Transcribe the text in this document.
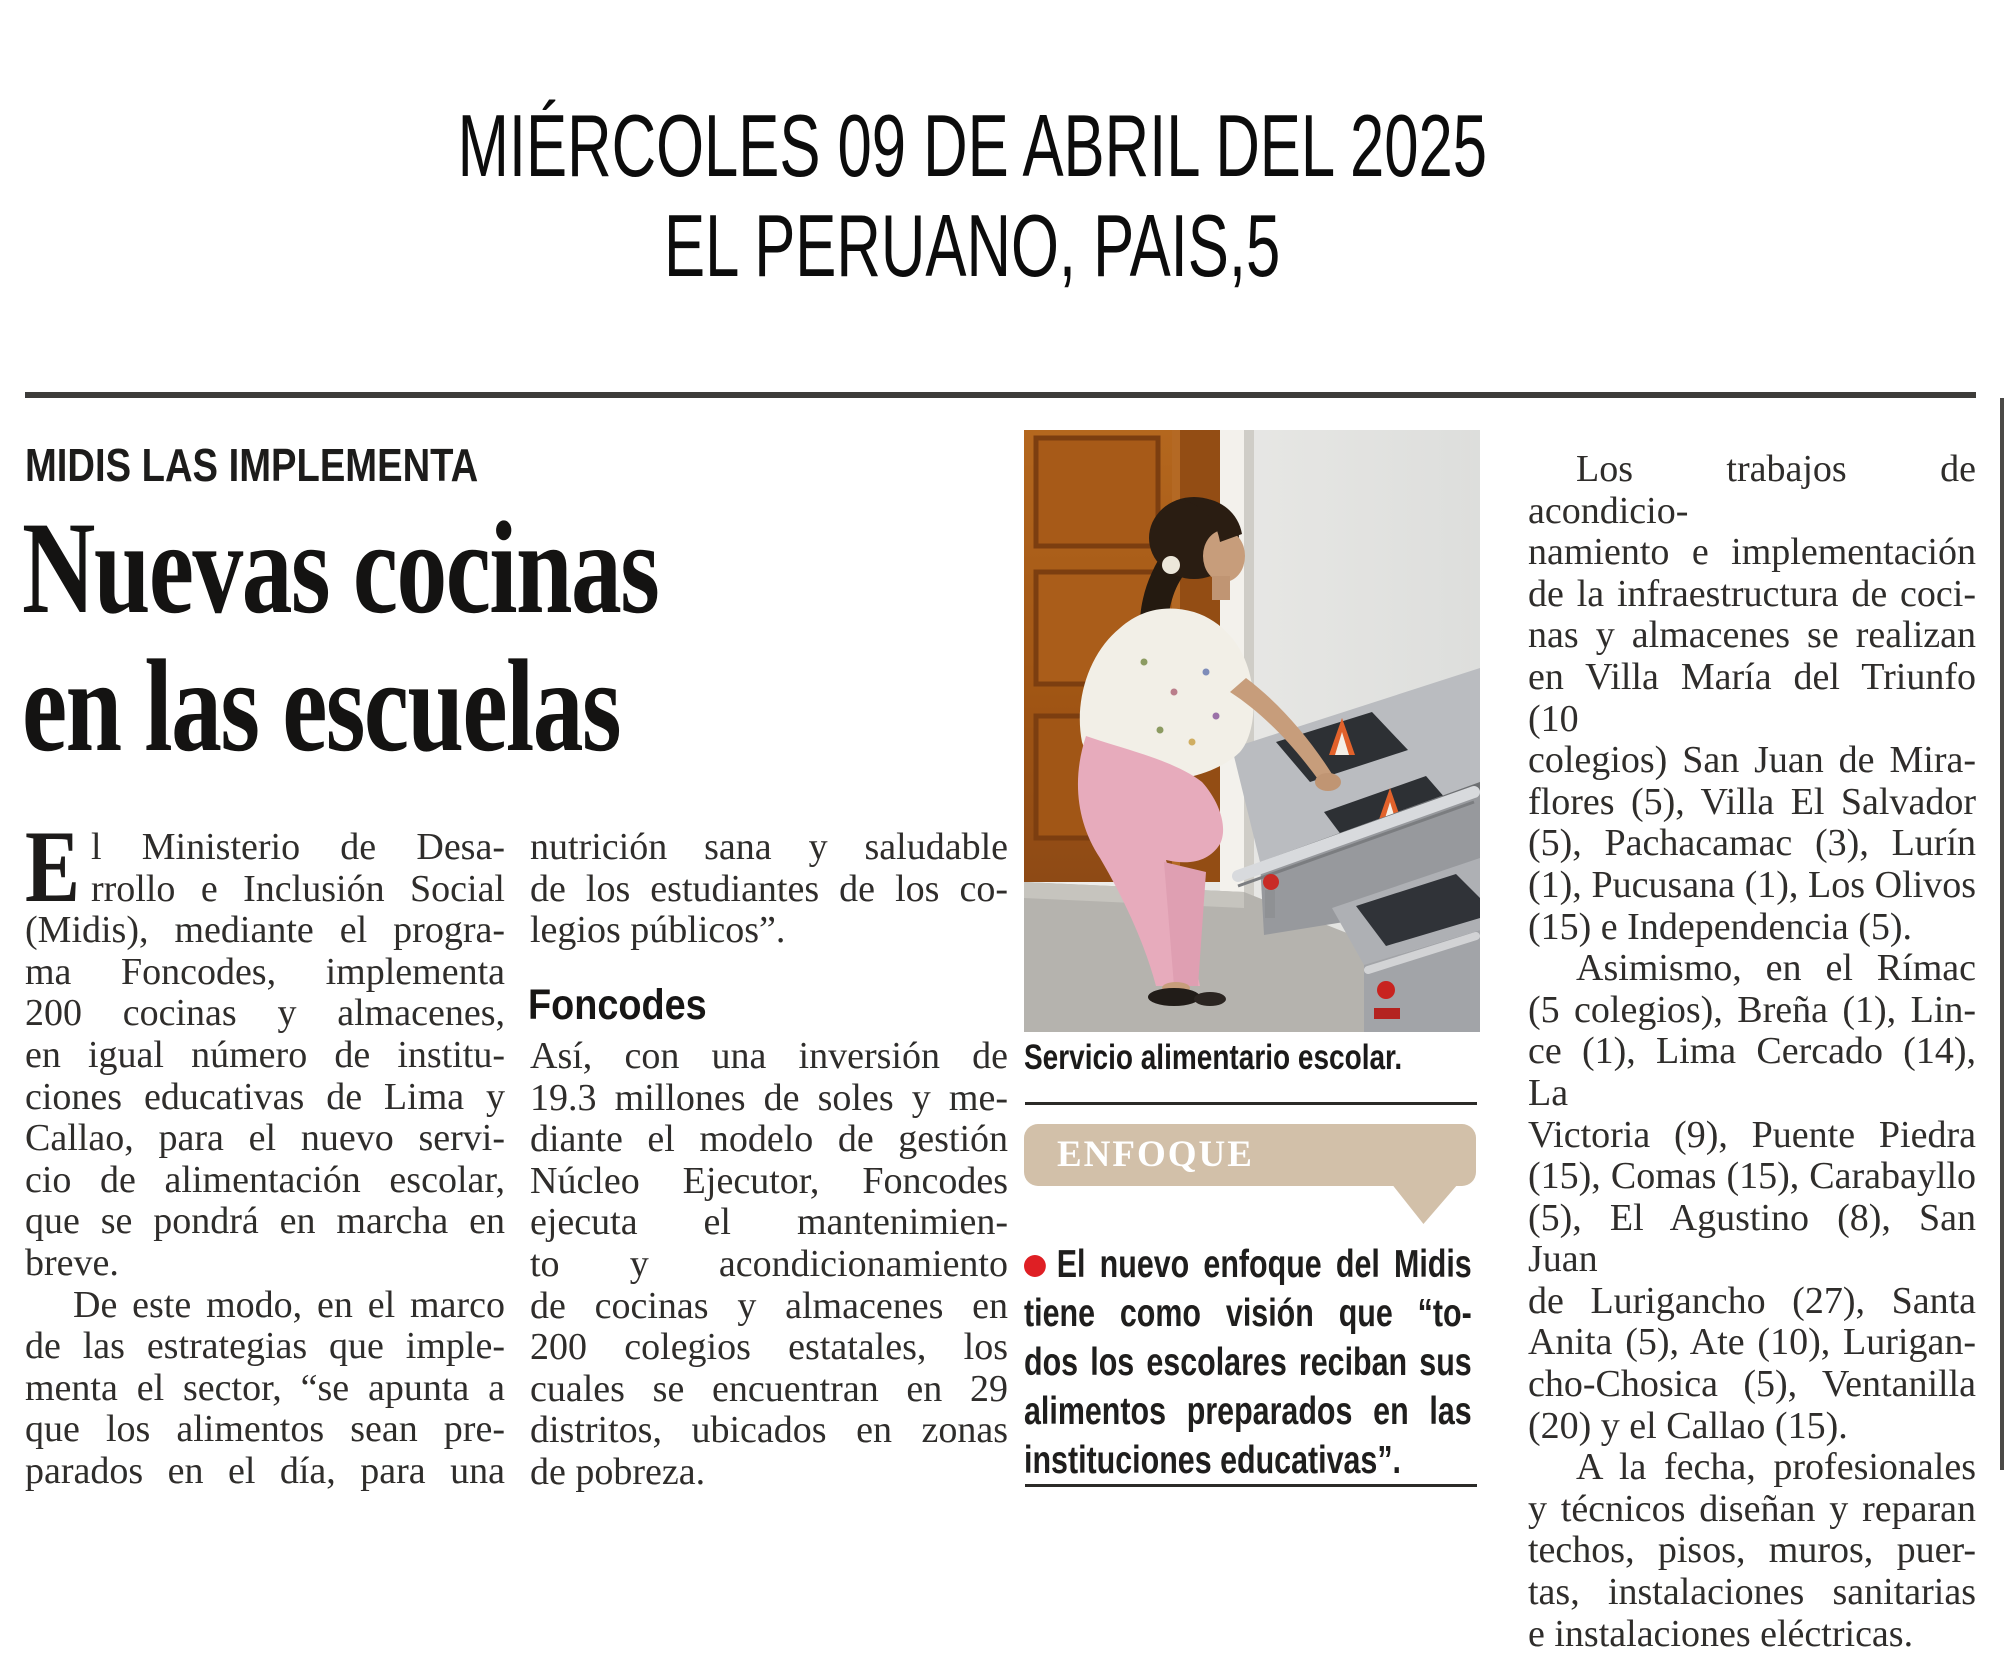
MIÉRCOLES 09 DE ABRIL DEL 2025
EL PERUANO, PAIS,5
MIDIS LAS IMPLEMENTA
Nuevas cocinas
en las escuelas
E l Ministerio de Desa-
rrollo e Inclusión Social
(Midis), mediante el progra-
ma Foncodes, implementa
200 cocinas y almacenes,
en igual número de institu-
ciones educativas de Lima y
Callao, para el nuevo servi-
cio de alimentación escolar,
que se pondrá en marcha en
breve.
De este modo, en el marco
de las estrategias que imple-
menta el sector, “se apunta a
que los alimentos sean pre-
parados en el día, para una
nutrición sana y saludable
de los estudiantes de los co-
legios públicos”.
Foncodes
Así, con una inversión de
19.3 millones de soles y me-
diante el modelo de gestión
Núcleo Ejecutor, Foncodes
ejecuta el mantenimien-
to y acondicionamiento
de cocinas y almacenes en
200 colegios estatales, los
cuales se encuentran en 29
distritos, ubicados en zonas
de pobreza.
Los trabajos de acondicio-
namiento e implementación
de la infraestructura de coci-
nas y almacenes se realizan
en Villa María del Triunfo (10
colegios) San Juan de Mira-
flores (5), Villa El Salvador
(5), Pachacamac (3), Lurín
(1), Pucusana (1), Los Olivos
(15) e Independencia (5).
Asimismo, en el Rímac
(5 colegios), Breña (1), Lin-
ce (1), Lima Cercado (14), La
Victoria (9), Puente Piedra
(15), Comas (15), Carabayllo
(5), El Agustino (8), San Juan
de Lurigancho (27), Santa
Anita (5), Ate (10), Lurigan-
cho-Chosica (5), Ventanilla
(20) y el Callao (15).
A la fecha, profesionales
y técnicos diseñan y reparan
techos, pisos, muros, puer-
tas, instalaciones sanitarias
e instalaciones eléctricas.
Servicio alimentario escolar.
ENFOQUE
El nuevo enfoque del Midis
tiene como visión que “to-
dos los escolares reciban sus
alimentos preparados en las
instituciones educativas”.
